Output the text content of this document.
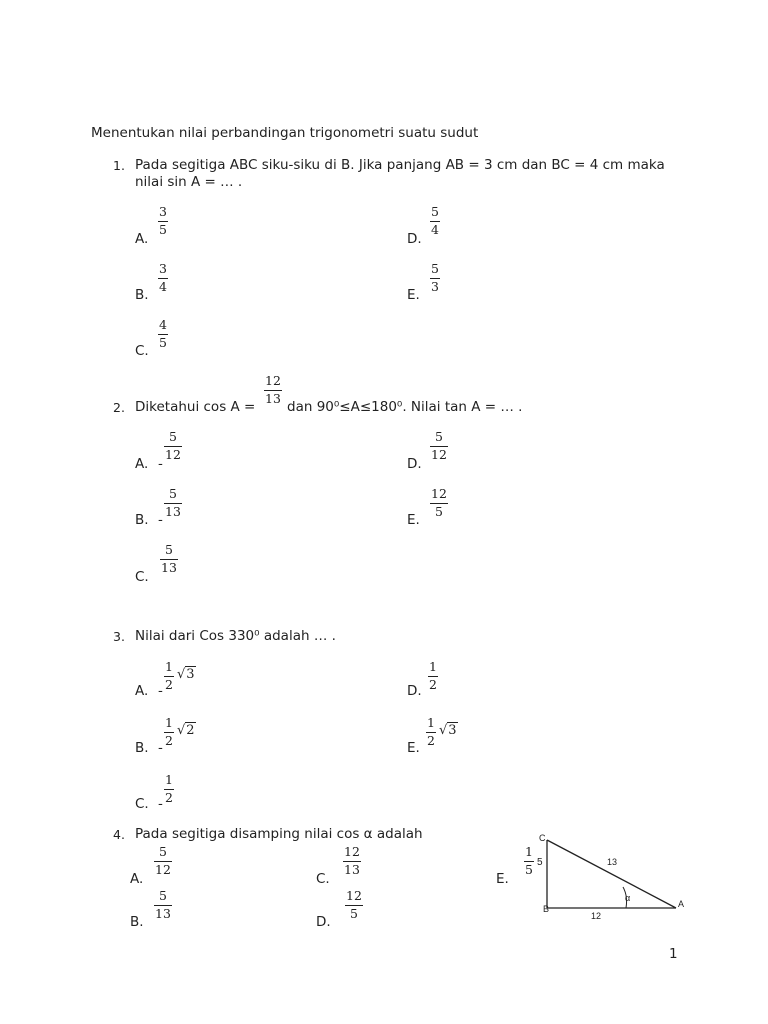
Menentukan nilai perbandingan trigonometri suatu sudut
1. Pada segitiga ABC siku-siku di B. Jika panjang AB = 3 cm dan BC = 4 cm maka
nilai sin A = … .
A.
3
5
B.
3
4
C.
4
5
D.
5
4
E.
5
3
2. Diketahui cos A =
12
13
dan 90⁰≤A≤180⁰. Nilai tan A = … .
A. -
5
12
B. -
5
13
C.
5
13
D.
5
12
E.
12
5
3. Nilai dari Cos 330⁰ adalah … .
A. -
1
2
√3
B. -
1
2
√2
C. -
1
2
D.
1
2
E.
1
2
√3
4. Pada segitiga disamping nilai cos α adalah
A.
5
12
B.
5
13
C.
12
13
D.
12
5
E.
1
5
C
B	A
5	13
12
α
1
